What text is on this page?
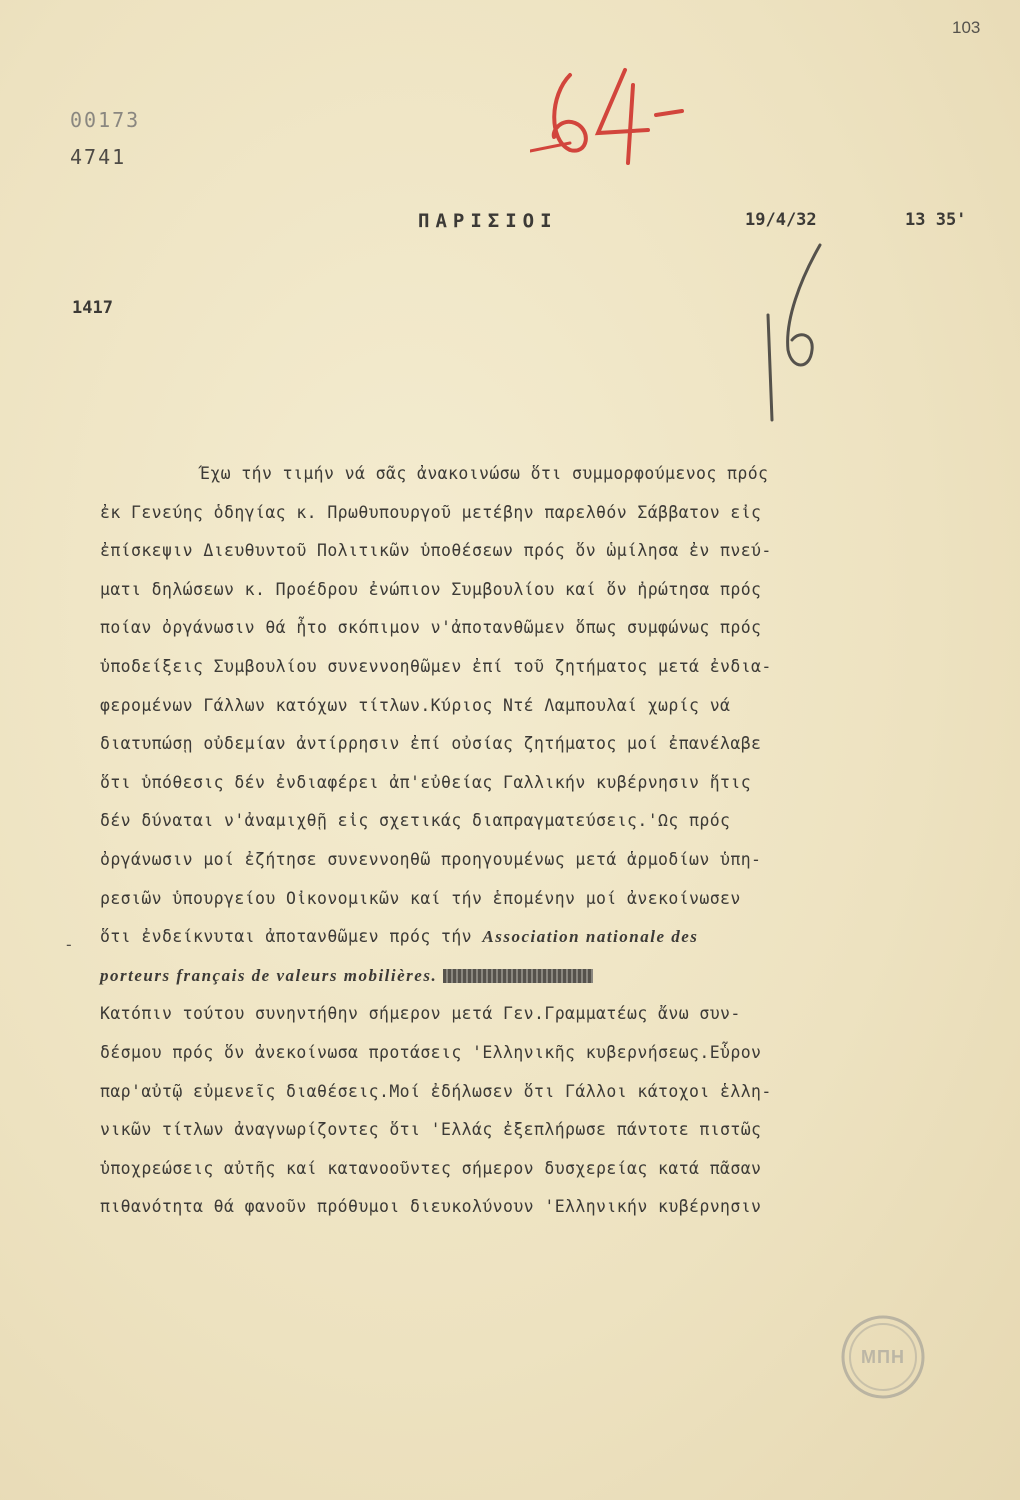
103
00173
4741
ΠΑΡΙΣΙΟΙ	19/4/32	13 35'
1417
Έχω τήν τιμήν νά σᾶς ἀνακοινώσω ὅτι συμμορφούμενος πρός
ἐκ Γενεύης ὁδηγίας κ. Πρωθυπουργοῦ μετέβην παρελθόν Σάββατον εἰς
ἐπίσκεψιν Διευθυντοῦ Πολιτικῶν ὑποθέσεων πρός ὅν ὡμίλησα ἐν πνεύ-
ματι δηλώσεων κ. Προέδρου ἐνώπιον Συμβουλίου καί ὅν ἠρώτησα πρός
ποίαν ὀργάνωσιν θά ἦτο σκόπιμον ν'ἀποτανθῶμεν ὅπως συμφώνως πρός
ὑποδείξεις Συμβουλίου συνεννοηθῶμεν ἐπί τοῦ ζητήματος μετά ἐνδια-
φερομένων Γάλλων κατόχων τίτλων.Κύριος Ντέ Λαμπουλαί χωρίς νά
διατυπώσῃ οὐδεμίαν ἀντίρρησιν ἐπί οὐσίας ζητήματος μοί ἐπανέλαβε
ὅτι ὑπόθεσις δέν ἐνδιαφέρει ἀπ'εὐθείας Γαλλικήν κυβέρνησιν ἥτις
δέν δύναται ν'ἀναμιχθῇ εἰς σχετικάς διαπραγματεύσεις.'Ως πρός
ὀργάνωσιν μοί ἐζήτησε συνεννοηθῶ προηγουμένως μετά ἁρμοδίων ὑπη-
ρεσιῶν ὑπουργείου Οἰκονομικῶν καί τήν ἑπομένην μοί ἀνεκοίνωσεν
ὅτι ἐνδείκνυται ἀποτανθῶμεν πρός τήν Association nationale des
porteurs français de valeurs mobilières.
Κατόπιν τούτου συνηντήθην σήμερον μετά Γεν.Γραμματέως ἄνω συν-
δέσμου πρός ὅν ἀνεκοίνωσα προτάσεις 'Ελληνικῆς κυβερνήσεως.Εὗρον
παρ'αὐτῷ εὐμενεῖς διαθέσεις.Μοί ἐδήλωσεν ὅτι Γάλλοι κάτοχοι ἑλλη-
νικῶν τίτλων ἀναγνωρίζοντες ὅτι 'Ελλάς ἐξεπλήρωσε πάντοτε πιστῶς
ὑποχρεώσεις αὐτῆς καί κατανοοῦντες σήμερον δυσχερείας κατά πᾶσαν
πιθανότητα θά φανοῦν πρόθυμοι διευκολύνουν 'Ελληνικήν κυβέρνησιν
-
ΜΠΗ
